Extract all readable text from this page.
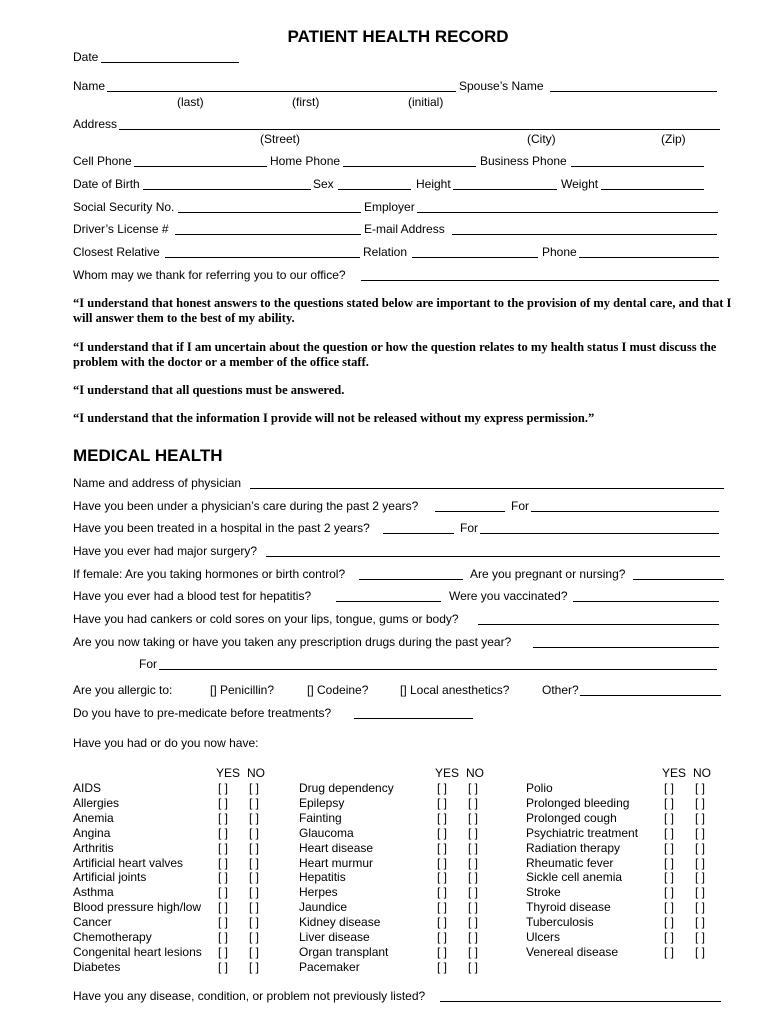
PATIENT HEALTH RECORD
Date
Name	Spouse’s Name
(last)	(first)	(initial)
Address
(Street)	(City)	(Zip)
Cell Phone	Home Phone	Business Phone
Date of Birth	Sex	Height	Weight
Social Security No.	Employer
Driver’s License #	E-mail Address
Closest Relative	Relation	Phone
Whom may we thank for referring you to our office?
“I understand that honest answers to the questions stated below are important to the provision of my dental care, and that I will answer them to the best of my ability.
“I understand that if I am uncertain about the question or how the question relates to my health status I must discuss the problem with the doctor or a member of the office staff.
“I understand that all questions must be answered.
“I understand that the information I provide will not be released without my express permission.”
MEDICAL HEALTH
Name and address of physician
Have you been under a physician’s care during the past 2 years?	For
Have you been treated in a hospital in the past 2 years?	For
Have you ever had major surgery?
If female: Are you taking hormones or birth control?	Are you pregnant or nursing?
Have you ever had a blood test for hepatitis?	Were you vaccinated?
Have you had cankers or cold sores on your lips, tongue, gums or body?
Are you now taking or have you taken any prescription drugs during the past year?
For
Are you allergic to:	[] Penicillin?	[] Codeine?	[] Local anesthetics?	Other?
Do you have to pre-medicate before treatments?
Have you had or do you now have:
YES NO	YES NO	YES NO
AIDS	[ ] [ ]
Allergies	[ ] [ ]
Anemia	[ ] [ ]
Angina	[ ] [ ]
Arthritis	[ ] [ ]
Artificial heart valves	[ ] [ ]
Artificial joints	[ ] [ ]
Asthma	[ ] [ ]
Blood pressure high/low [ ] [ ]
Cancer	[ ] [ ]
Chemotherapy	[ ] [ ]
Congenital heart lesions [ ] [ ]
Diabetes	[ ] [ ]
Drug dependency	[ ] [ ]
Epilepsy	[ ] [ ]
Fainting	[ ] [ ]
Glaucoma	[ ] [ ]
Heart disease	[ ] [ ]
Heart murmur	[ ] [ ]
Hepatitis	[ ] [ ]
Herpes	[ ] [ ]
Jaundice	[ ] [ ]
Kidney disease	[ ] [ ]
Liver disease	[ ] [ ]
Organ transplant	[ ] [ ]
Pacemaker	[ ] [ ]
Polio	[ ] [ ]
Prolonged bleeding	[ ] [ ]
Prolonged cough	[ ] [ ]
Psychiatric treatment [ ] [ ]
Radiation therapy	[ ] [ ]
Rheumatic fever	[ ] [ ]
Sickle cell anemia	[ ] [ ]
Stroke	[ ] [ ]
Thyroid disease	[ ] [ ]
Tuberculosis	[ ] [ ]
Ulcers	[ ] [ ]
Venereal disease	[ ] [ ]
Have you any disease, condition, or problem not previously listed?
